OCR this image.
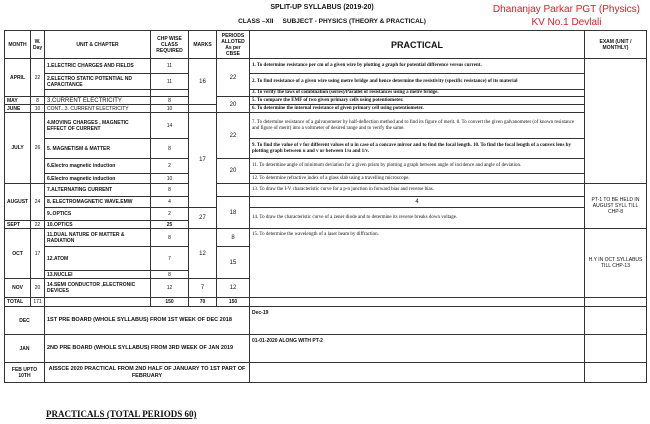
SPLIT-UP SYLLABUS (2019-20)
CLASS –XII SUBJECT - PHYSICS (THEORY & PRACTICAL)
Dhananjay Parkar PGT (Physics)
KV No.1 Devlali
MONTH	W. Day	UNIT & CHAPTER	CHP WISE CLASS REQUIRED	MARKS	PERIODS ALLOTED As per CBSE	PRACTICAL	EXAM (UNIT / MONTHLY)	
APRIL	22	1.ELECTRIC CHARGES AND FIELDS	11	16	22	1. To determine resistance per cm of a given wire by plotting a graph for potential difference versus current.		
		2.ELECTRO STATIC POTENTIAL ND CAPACITANCE	11			2. To find resistance of a given wire using metre bridge and hence determine the resistivity (specific resistance) of its material		
						3. To verify the laws of combination (series)/Parallel of resistances using a metre bridge.		
MAY	8	3.CURRENT ELECTRICITY	8		20	5. To compare the EMF of two given primary cells using potentiometer.		
JUNE	10	CONT...3. CURRENT ELECTRICITY	10			6. To determine the internal resistance of given primary cell using potentiometer.		
JULY	26	4.MOVING CHARGES , MAGNETIC EFFECT OF CURRENT	14	17	22	7. To determine resistance of a galvanometer by half-deflection method and to find its figure of merit. 8. To convert the given galvanometer (of known resistance and figure of merit) into a voltmeter of desired range and to verify the same.		
		5. MAGNETISM & MATTER	8			9. To find the value of v for different values of u in case of a concave mirror and to find the focal length. 10. To find the focal length of a convex lens by plotting graph between u and v or between 1/u and 1/v.		
		6.Electro magnetic induction	2		20	11. To determine angle of minimum deviation for a given prism by plotting a graph between angle of incidence and angle of deviation.		
		6.Electro magnetic induction	10			12. To determine refractive index of a glass slab using a travelling microscope.		
AUGUST	24	7.ALTERNATING CURRENT	8			13. To draw the I-V characteristic curve for a p-n junction in forward bias and reverse bias.	PT-1 TO BE HELD IN AUGUST SYLL TILL CHP-8	
		8. ELECTROMAGNETIC WAVE.EMW	4		18	4		
		9..OPTICS	2	27		14. To draw the characteristic curve of a zener diode and to determine its reverse breaks down voltage.		
SEPT	22	10.OPTICS	25					
OCT	17	11.DUAL NATURE OF MATTER & RADIATION	8	12	8	15. To determine the wavelength of a laser beam by diffraction.	H.Y IN OCT SYLLABUS TILL CHP-13	
		12.ATOM	7		15			
		13.NUCLEI	8					
NOV	20	14.SEMI CONDUCTOR ,ELECTRONIC DEVICES	12	7	12			
TOTAL	171		150	70	150			
DEC		1ST PRE BOARD (WHOLE SYLLABUS) FROM 1ST WEEK OF DEC 2018				Dec-19		
JAN		2ND PRE BOARD (WHOLE SYLLABUS) FROM 3RD WEEK OF JAN 2019				01-01-2020 ALONG WITH PT-2		
FEB UPTO 10TH		AISSCE 2020 PRACTICAL FROM 2ND HALF OF JANUARY TO 1ST PART OF FEBRUARY						
PRACTICALS (TOTAL PERIODS 60)
